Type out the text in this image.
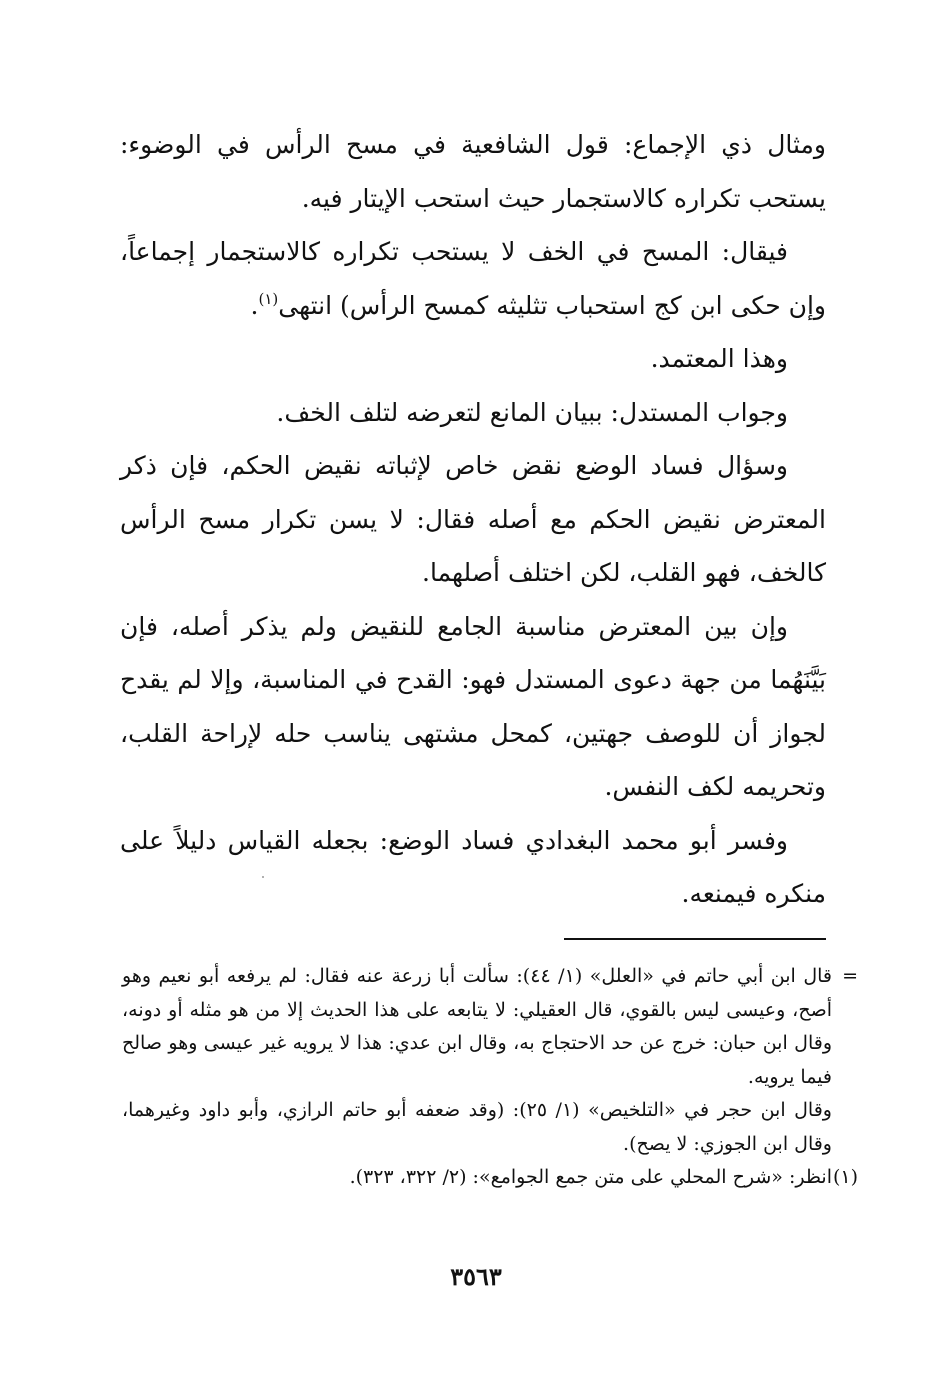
ومثال ذي الإجماع: قول الشافعية في مسح الرأس في الوضوء: يستحب تكراره كالاستجمار حيث استحب الإيتار فيه.

فيقال: المسح في الخف لا يستحب تكراره كالاستجمار إجماعاً، وإن حكى ابن كج استحباب تثليثه كمسح الرأس) انتهى$^{(١)}$.

وهذا المعتمد.

وجواب المستدل: ببيان المانع لتعرضه لتلف الخف.

وسؤال فساد الوضع نقض خاص لإثباته نقيض الحكم، فإن ذكر المعترض نقيض الحكم مع أصله فقال: لا يسن تكرار مسح الرأس كالخف، فهو القلب، لكن اختلف أصلهما.

وإن بين المعترض مناسبة الجامع للنقيض ولم يذكر أصله، فإن بَيَّنَهُما من جهة دعوى المستدل فهو: القدح في المناسبة، وإلا لم يقدح لجواز أن للوصف جهتين، كمحل مشتهى يناسب حله لإراحة القلب، وتحريمه لكف النفس.

وفسر أبو محمد البغدادي فساد الوضع: بجعله القياس دليلاً على منكره فيمنعه.

=

قال ابن أبي حاتم في «العلل» (١/ ٤٤): سألت أبا زرعة عنه فقال: لم يرفعه أبو نعيم وهو أصح، وعيسى ليس بالقوي، قال العقيلي: لا يتابعه على هذا الحديث إلا من هو مثله أو دونه، وقال ابن حبان: خرج عن حد الاحتجاج به، وقال ابن عدي: هذا لا يرويه غير عيسى وهو صالح فيما يرويه.

وقال ابن حجر في «التلخيص» (١/ ٢٥): (وقد ضعفه أبو حاتم الرازي، وأبو داود وغيرهما، وقال ابن الجوزي: لا يصح).

(١)
انظر: «شرح المحلي على متن جمع الجوامع»: (٢/ ٣٢٢، ٣٢٣).
٣٥٦٣
